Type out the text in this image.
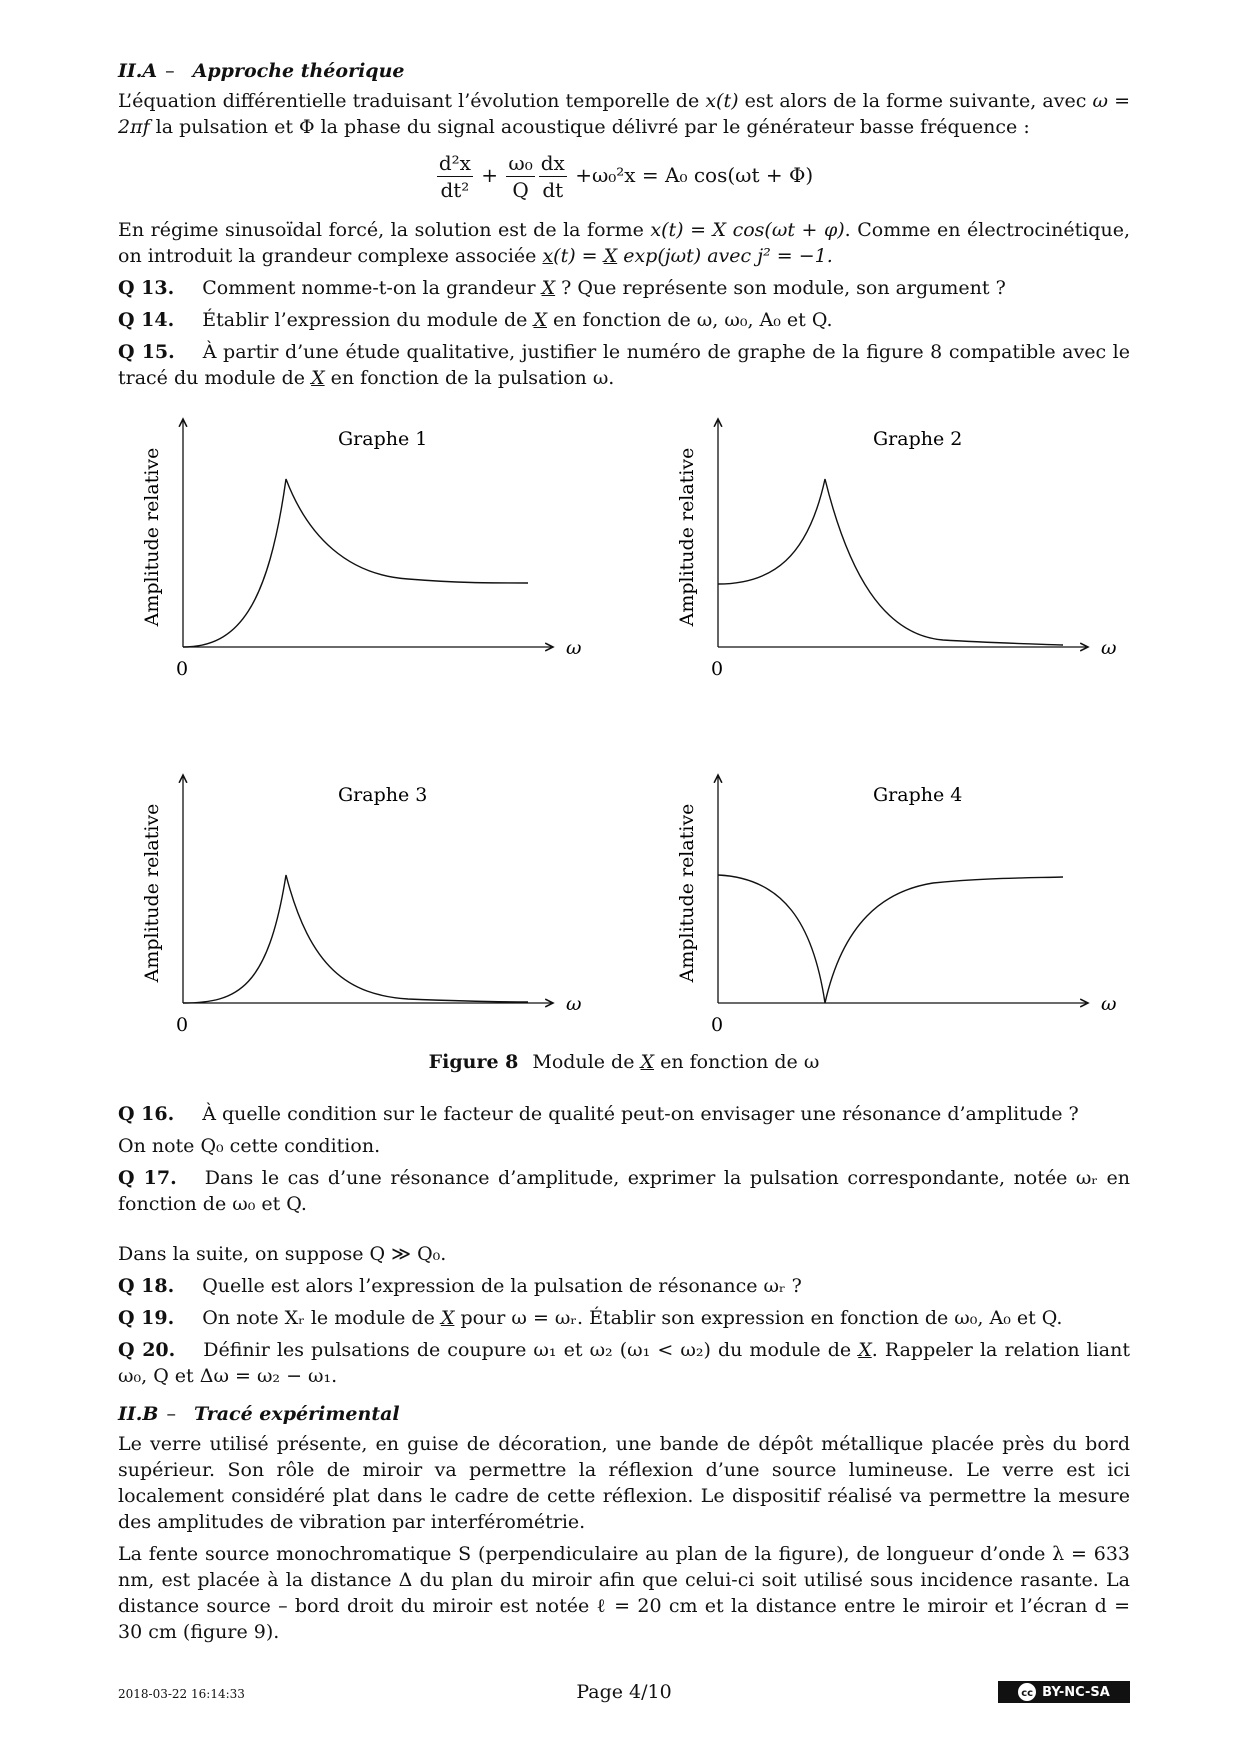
II.A – Approche théorique

L’équation différentielle traduisant l’évolution temporelle de x(t) est alors de la forme suivante, avec ω = 2πf la pulsation et Φ la phase du signal acoustique délivré par le générateur basse fréquence :

$\frac{\text{d²x}}{\text{dt²}} + \frac{\text{ω₀}}{Q} \frac{dx}{dt} +\omega_0^2x = A_0$ cos(ωt + Φ)

En régime sinusoïdal forcé, la solution est de la forme x(t) = X cos(ωt + φ). Comme en électrocinétique, on introduit la grandeur complexe associée x(t) = X exp(jωt) avec j² = −1.

Q 13. Comment nomme-t-on la grandeur X ? Que représente son module, son argument ?
Q 14. Établir l’expression du module de X en fonction de ω, ω₀, A₀ et Q.
Q 15. À partir d’une étude qualitative, justifier le numéro de graphe de la figure 8 compatible avec le tracé du module de X en fonction de la pulsation ω.
Graphe 1
Amplitude relative
ω
0
Graphe 2
Amplitude relative
ω
0
Graphe 3
Amplitude relative
ω
0
Graphe 4
Amplitude relative
ω
0
Figure 8 Module de X en fonction de ω
Q 16. À quelle condition sur le facteur de qualité peut-on envisager une résonance d’amplitude ?

On note Q₀ cette condition.

Q 17. Dans le cas d’une résonance d’amplitude, exprimer la pulsation correspondante, notée ωᵣ en fonction de ω₀ et Q.

Dans la suite, on suppose Q ≫ Q₀.

Q 18. Quelle est alors l’expression de la pulsation de résonance ωᵣ ?
Q 19. On note Xᵣ le module de X pour ω = ωᵣ. Établir son expression en fonction de ω₀, A₀ et Q.
Q 20. Définir les pulsations de coupure ω₁ et ω₂ (ω₁ < ω₂) du module de X. Rappeler la relation liant ω₀, Q et Δω = ω₂ − ω₁.
II.B – Tracé expérimental

Le verre utilisé présente, en guise de décoration, une bande de dépôt métallique placée près du bord supérieur. Son rôle de miroir va permettre la réflexion d’une source lumineuse. Le verre est ici localement considéré plat dans le cadre de cette réflexion. Le dispositif réalisé va permettre la mesure des amplitudes de vibration par interférométrie.

La fente source monochromatique S (perpendiculaire au plan de la figure), de longueur d’onde λ = 633 nm, est placée à la distance Δ du plan du miroir afin que celui-ci soit utilisé sous incidence rasante. La distance source – bord droit du miroir est notée ℓ = 20 cm et la distance entre le miroir et l’écran d = 30 cm (figure 9).

2018-03-22 16:14:33	Page 4/10	cc BY-NC-SA
